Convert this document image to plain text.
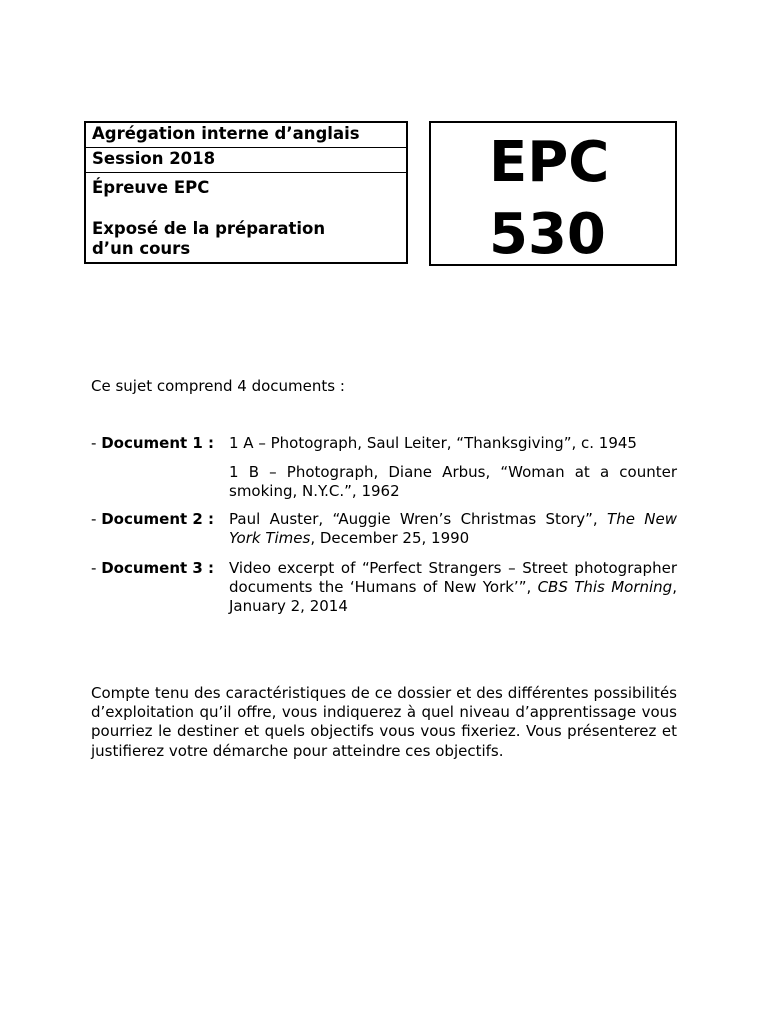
Agrégation interne d’anglais
Session 2018
Épreuve EPC
Exposé de la préparation
d’un cours
EPC
530
Ce sujet comprend 4 documents :
- Document 1 : 1 A – Photograph, Saul Leiter, “Thanksgiving”, c. 1945
1 B – Photograph, Diane Arbus, “Woman at a counter smoking, N.Y.C.”, 1962
- Document 2 : Paul Auster, “Auggie Wren’s Christmas Story”, The New York Times, December 25, 1990
- Document 3 : Video excerpt of “Perfect Strangers – Street photographer documents the ‘Humans of New York’”, CBS This Morning, January 2, 2014
Compte tenu des caractéristiques de ce dossier et des différentes possibilités d’exploitation qu’il offre, vous indiquerez à quel niveau d’apprentissage vous pourriez le destiner et quels objectifs vous vous fixeriez. Vous présenterez et justifierez votre démarche pour atteindre ces objectifs.
